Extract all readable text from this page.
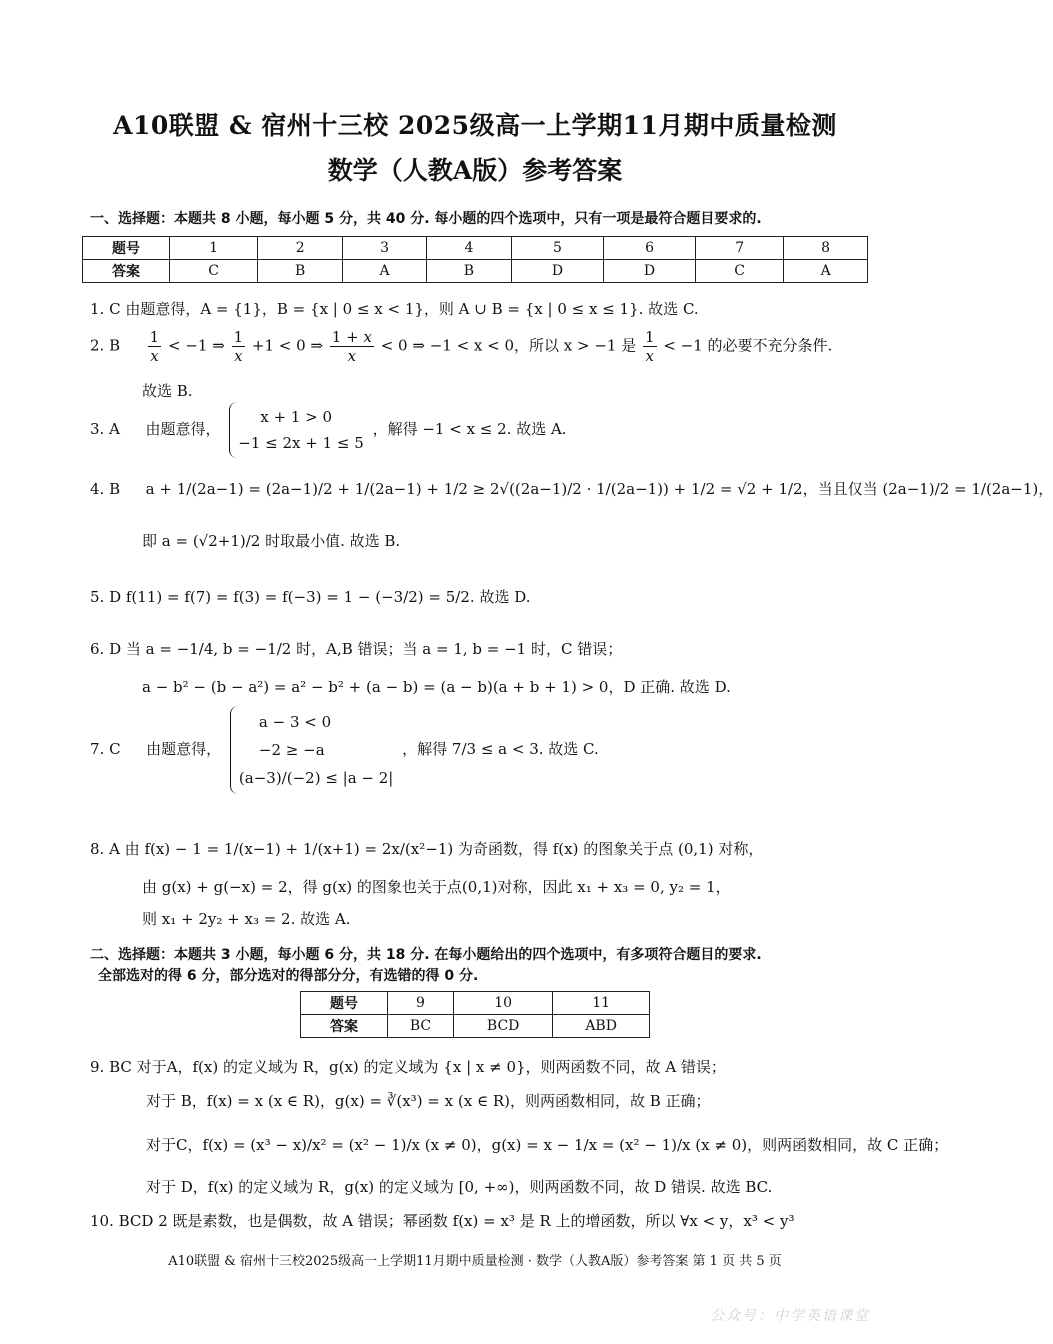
A10联盟 & 宿州十三校 2025级高一上学期11月期中质量检测
数学（人教A版）参考答案
一、选择题：本题共 8 小题，每小题 5 分，共 40 分. 每小题的四个选项中，只有一项是最符合题目要求的.
题号	1	2	3	4	5	6	7	8
答案	C	B	A	B	D	D	C	A
1. C 由题意得，A = {1}，B = {x | 0 ≤ x < 1}，则 A ∪ B = {x | 0 ≤ x ≤ 1}. 故选 C.
2. B $\frac{1}{x} < -1$ ⇒ $\frac{1}{x} +1 < 0$ ⇒ $\frac{1 + x}{x} < 0$ ⇒ −1 < x < 0，所以 x > −1 是 $\frac{1}{x} < -1$ 的必要不充分条件.
故选 B.
3. A 由题意得，
x + 1 > 0
−1 ≤ 2x + 1 ≤ 5
，解得 −1 < x ≤ 2. 故选 A.
4. B a + 1/(2a−1) = (2a−1)/2 + 1/(2a−1) + 1/2 ≥ 2√((2a−1)/2 · 1/(2a−1)) + 1/2 = √2 + 1/2，当且仅当 (2a−1)/2 = 1/(2a−1)，
即 a = (√2+1)/2 时取最小值. 故选 B.
5. D f(11) = f(7) = f(3) = f(−3) = 1 − (−3/2) = 5/2. 故选 D.
6. D 当 a = −1/4, b = −1/2 时，A,B 错误；当 a = 1, b = −1 时，C 错误；
a − b² − (b − a²) = a² − b² + (a − b) = (a − b)(a + b + 1) > 0，D 正确. 故选 D.
7. C 由题意得，
a − 3 < 0
−2 ≥ −a
(a−3)/(−2) ≤ |a − 2|
，解得 7/3 ≤ a < 3. 故选 C.
8. A 由 f(x) − 1 = 1/(x−1) + 1/(x+1) = 2x/(x²−1) 为奇函数，得 f(x) 的图象关于点 (0,1) 对称，
由 g(x) + g(−x) = 2，得 g(x) 的图象也关于点(0,1)对称，因此 x₁ + x₃ = 0, y₂ = 1，
则 x₁ + 2y₂ + x₃ = 2. 故选 A.
二、选择题：本题共 3 小题，每小题 6 分，共 18 分. 在每小题给出的四个选项中，有多项符合题目的要求.
全部选对的得 6 分，部分选对的得部分分，有选错的得 0 分.
题号	9	10	11
答案	BC	BCD	ABD
9. BC 对于A，f(x) 的定义域为 R，g(x) 的定义域为 {x | x ≠ 0}，则两函数不同，故 A 错误；
对于 B，f(x) = x (x ∈ R)，g(x) = ∛(x³) = x (x ∈ R)，则两函数相同，故 B 正确；
对于C，f(x) = (x³ − x)/x² = (x² − 1)/x (x ≠ 0)，g(x) = x − 1/x = (x² − 1)/x (x ≠ 0)，则两函数相同，故 C 正确；
对于 D，f(x) 的定义域为 R，g(x) 的定义域为 [0, +∞)，则两函数不同，故 D 错误. 故选 BC.
10. BCD 2 既是素数，也是偶数，故 A 错误；幂函数 f(x) = x³ 是 R 上的增函数，所以 ∀x < y，x³ < y³
A10联盟 & 宿州十三校2025级高一上学期11月期中质量检测 · 数学（人教A版）参考答案 第 1 页 共 5 页
公众号：中学英语课堂
